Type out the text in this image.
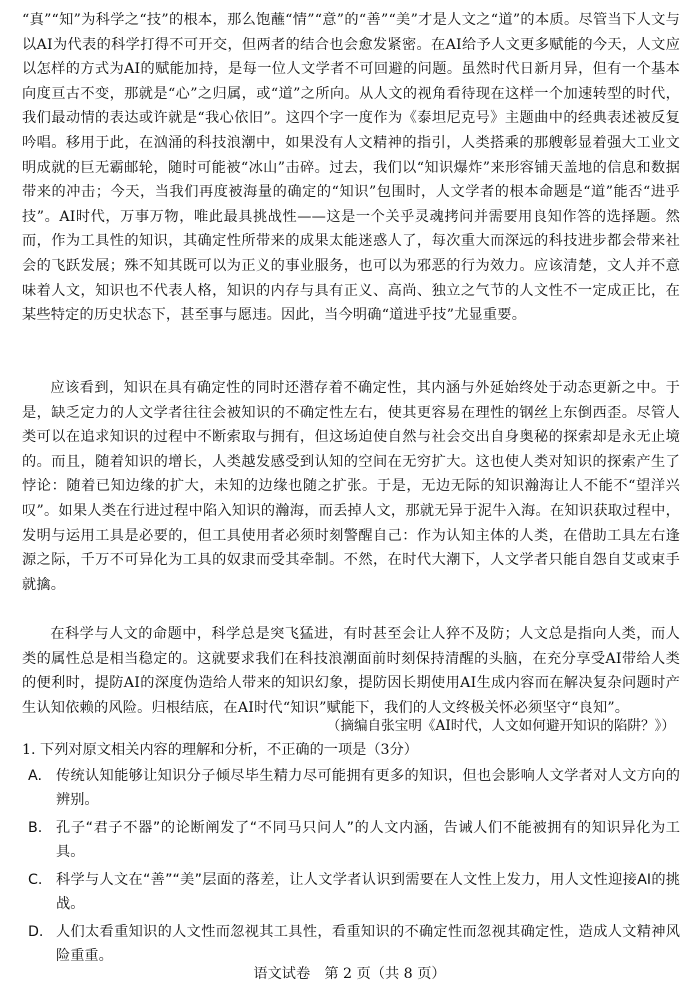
“真”“知”为科学之“技”的根本，那么饱蘸“情”“意”的“善”“美”才是人文之“道”的本质。尽管当下人文与以AI为代表的科学打得不可开交，但两者的结合也会愈发紧密。在AI给予人文更多赋能的今天，人文应以怎样的方式为AI的赋能加持，是每一位人文学者不可回避的问题。虽然时代日新月异，但有一个基本向度亘古不变，那就是“心”之归属，或“道”之所向。从人文的视角看待现在这样一个加速转型的时代，我们最动情的表达或许就是“我心依旧”。这四个字一度作为《泰坦尼克号》主题曲中的经典表述被反复吟唱。移用于此，在汹涌的科技浪潮中，如果没有人文精神的指引，人类搭乘的那艘彰显着强大工业文明成就的巨无霸邮轮，随时可能被“冰山”击碎。过去，我们以“知识爆炸”来形容铺天盖地的信息和数据带来的冲击；今天，当我们再度被海量的确定的“知识”包围时，人文学者的根本命题是“道”能否“进乎技”。AI时代，万事万物，唯此最具挑战性——这是一个关乎灵魂拷问并需要用良知作答的选择题。然而，作为工具性的知识，其确定性所带来的成果太能迷惑人了，每次重大而深远的科技进步都会带来社会的飞跃发展；殊不知其既可以为正义的事业服务，也可以为邪恶的行为效力。应该清楚，文人并不意味着人文，知识也不代表人格，知识的内存与具有正义、高尚、独立之气节的人文性不一定成正比，在某些特定的历史状态下，甚至事与愿违。因此，当今明确“道进乎技”尤显重要。

应该看到，知识在具有确定性的同时还潜存着不确定性，其内涵与外延始终处于动态更新之中。于是，缺乏定力的人文学者往往会被知识的不确定性左右，使其更容易在理性的钢丝上东倒西歪。尽管人类可以在追求知识的过程中不断索取与拥有，但这场迫使自然与社会交出自身奥秘的探索却是永无止境的。而且，随着知识的增长，人类越发感受到认知的空间在无穷扩大。这也使人类对知识的探索产生了悖论：随着已知边缘的扩大，未知的边缘也随之扩张。于是，无边无际的知识瀚海让人不能不“望洋兴叹”。如果人类在行进过程中陷入知识的瀚海，而丢掉人文，那就无异于泥牛入海。在知识获取过程中，发明与运用工具是必要的，但工具使用者必须时刻警醒自己：作为认知主体的人类，在借助工具左右逢源之际，千万不可异化为工具的奴隶而受其牵制。不然，在时代大潮下，人文学者只能自怨自艾或束手就擒。

在科学与人文的命题中，科学总是突飞猛进，有时甚至会让人猝不及防；人文总是指向人类，而人类的属性总是相当稳定的。这就要求我们在科技浪潮面前时刻保持清醒的头脑，在充分享受AI带给人类的便利时，提防AI的深度伪造给人带来的知识幻象，提防因长期使用AI生成内容而在解决复杂问题时产生认知依赖的风险。归根结底，在AI时代“知识”赋能下，我们的人文终极关怀必须坚守“良知”。

（摘编自张宝明《AI时代，人文如何避开知识的陷阱？》）

1. 下列对原文相关内容的理解和分析，不正确的一项是（3分）

A. 传统认知能够让知识分子倾尽毕生精力尽可能拥有更多的知识，但也会影响人文学者对人文方向的辨别。
B. 孔子“君子不器”的论断阐发了“不同马只问人”的人文内涵，告诫人们不能被拥有的知识异化为工具。
C. 科学与人文在“善”“美”层面的落差，让人文学者认识到需要在人文性上发力，用人文性迎接AI的挑战。
D. 人们太看重知识的人文性而忽视其工具性，看重知识的不确定性而忽视其确定性，造成人文精神风险重重。

语文试卷　第 2 页（共 8 页）
